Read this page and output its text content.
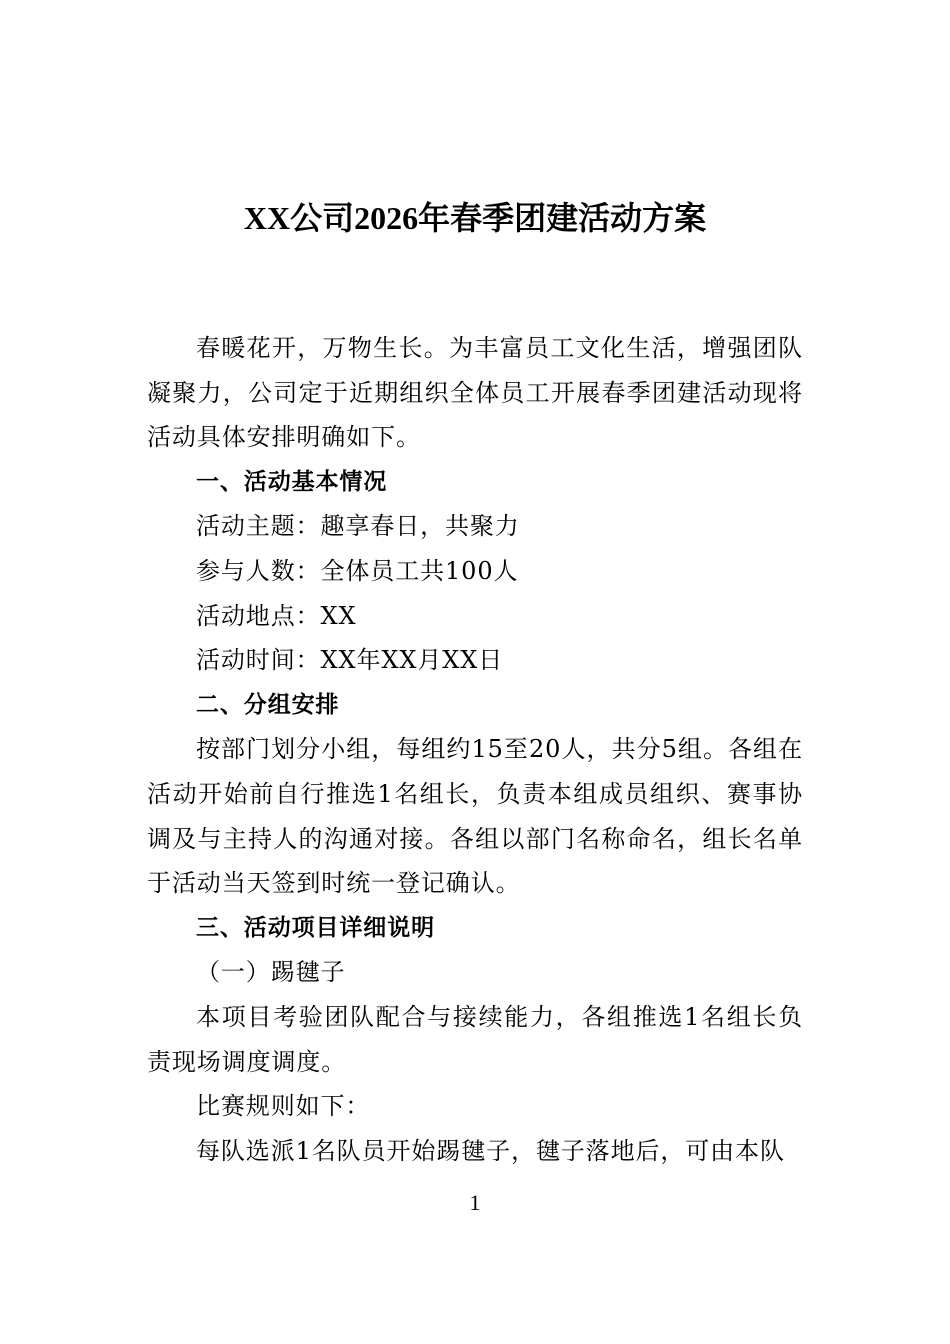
XX公司2026年春季团建活动方案

春暖花开，万物生长。为丰富员工文化生活，增强团队凝聚力，公司定于近期组织全体员工开展春季团建活动现将活动具体安排明确如下。

一、活动基本情况

活动主题：趣享春日，共聚力

参与人数：全体员工共100人

活动地点：XX

活动时间：XX年XX月XX日

二、分组安排

按部门划分小组，每组约15至20人，共分5组。各组在活动开始前自行推选1名组长，负责本组成员组织、赛事协调及与主持人的沟通对接。各组以部门名称命名，组长名单于活动当天签到时统一登记确认。

三、活动项目详细说明

（一）踢毽子

本项目考验团队配合与接续能力，各组推选1名组长负责现场调度调度。

比赛规则如下：

每队选派1名队员开始踢毽子，毽子落地后，可由本队

1
